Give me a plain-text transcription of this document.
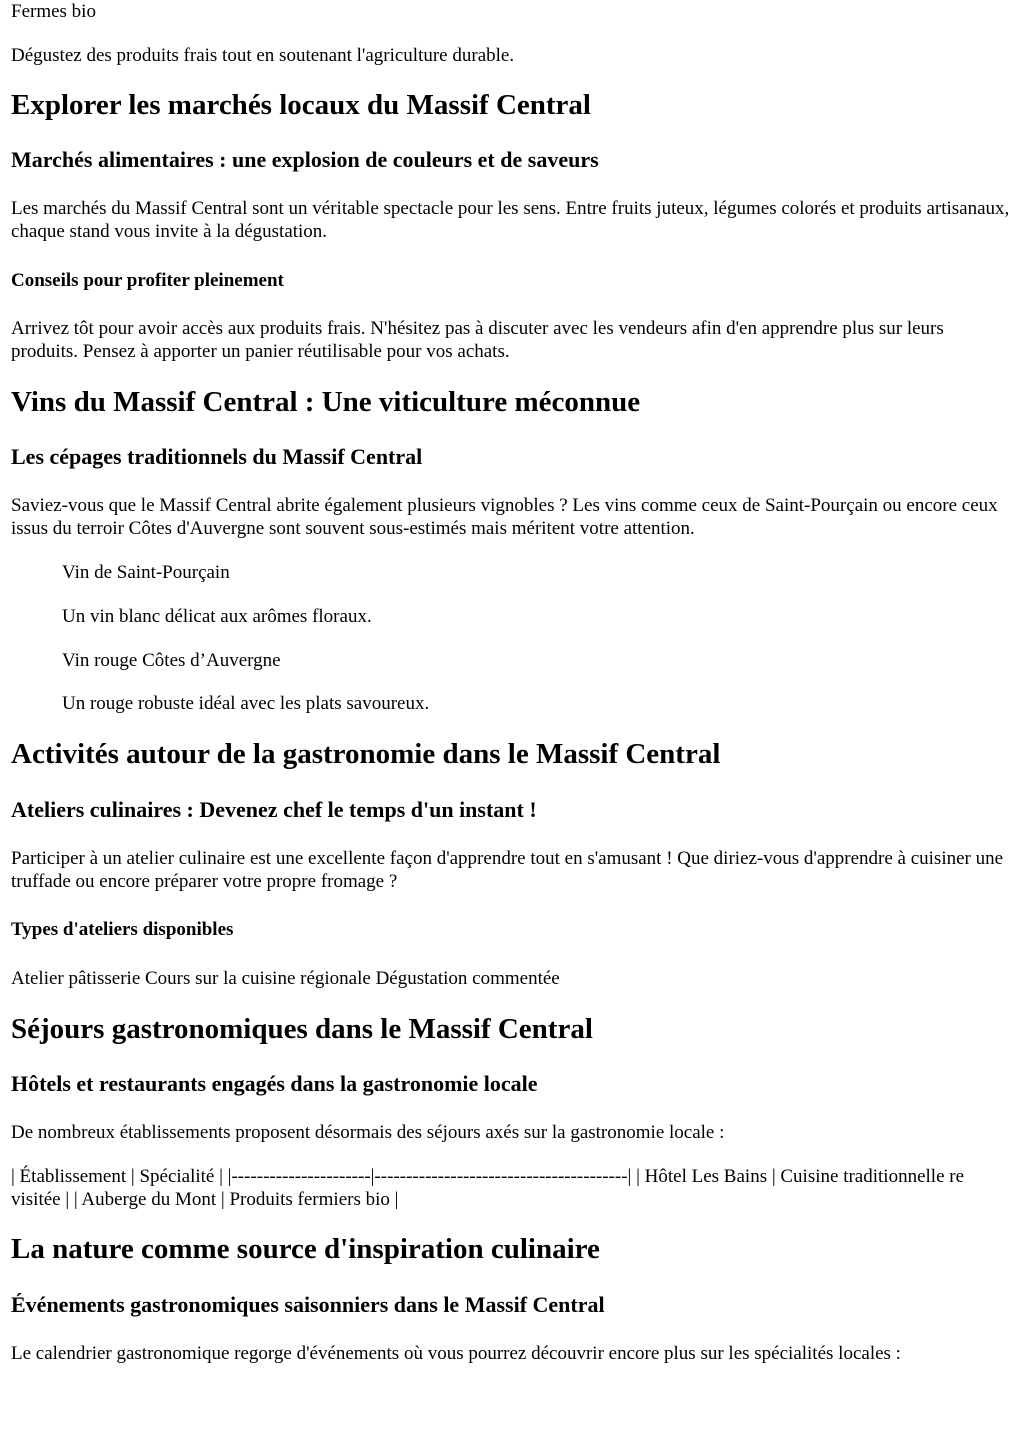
Fermes bio

Dégustez des produits frais tout en soutenant l'agriculture durable.

Explorer les marchés locaux du Massif Central
Marchés alimentaires : une explosion de couleurs et de saveurs

Les marchés du Massif Central sont un véritable spectacle pour les sens. Entre fruits juteux, légumes colorés et produits artisanaux, chaque stand vous invite à la dégustation.

Conseils pour profiter pleinement

Arrivez tôt pour avoir accès aux produits frais. N'hésitez pas à discuter avec les vendeurs afin d'en apprendre plus sur leurs produits. Pensez à apporter un panier réutilisable pour vos achats.

Vins du Massif Central : Une viticulture méconnue
Les cépages traditionnels du Massif Central

Saviez-vous que le Massif Central abrite également plusieurs vignobles ? Les vins comme ceux de Saint-Pourçain ou encore ceux issus du terroir Côtes d'Auvergne sont souvent sous-estimés mais méritent votre attention.

Vin de Saint-Pourçain
Un vin blanc délicat aux arômes floraux.
Vin rouge Côtes d’Auvergne
Un rouge robuste idéal avec les plats savoureux.
Activités autour de la gastronomie dans le Massif Central
Ateliers culinaires : Devenez chef le temps d'un instant !

Participer à un atelier culinaire est une excellente façon d'apprendre tout en s'amusant ! Que diriez-vous d'apprendre à cuisiner une truffade ou encore préparer votre propre fromage ?

Types d'ateliers disponibles

Atelier pâtisserie Cours sur la cuisine régionale Dégustation commentée

Séjours gastronomiques dans le Massif Central
Hôtels et restaurants engagés dans la gastronomie locale

De nombreux établissements proposent désormais des séjours axés sur la gastronomie locale :

| Établissement | Spécialité | |----------------------|----------------------------------------| | Hôtel Les Bains | Cuisine traditionnelle revisitée | | Auberge du Mont | Produits fermiers bio |

La nature comme source d'inspiration culinaire
Événements gastronomiques saisonniers dans le Massif Central

Le calendrier gastronomique regorge d'événements où vous pourrez découvrir encore plus sur les spécialités locales :
